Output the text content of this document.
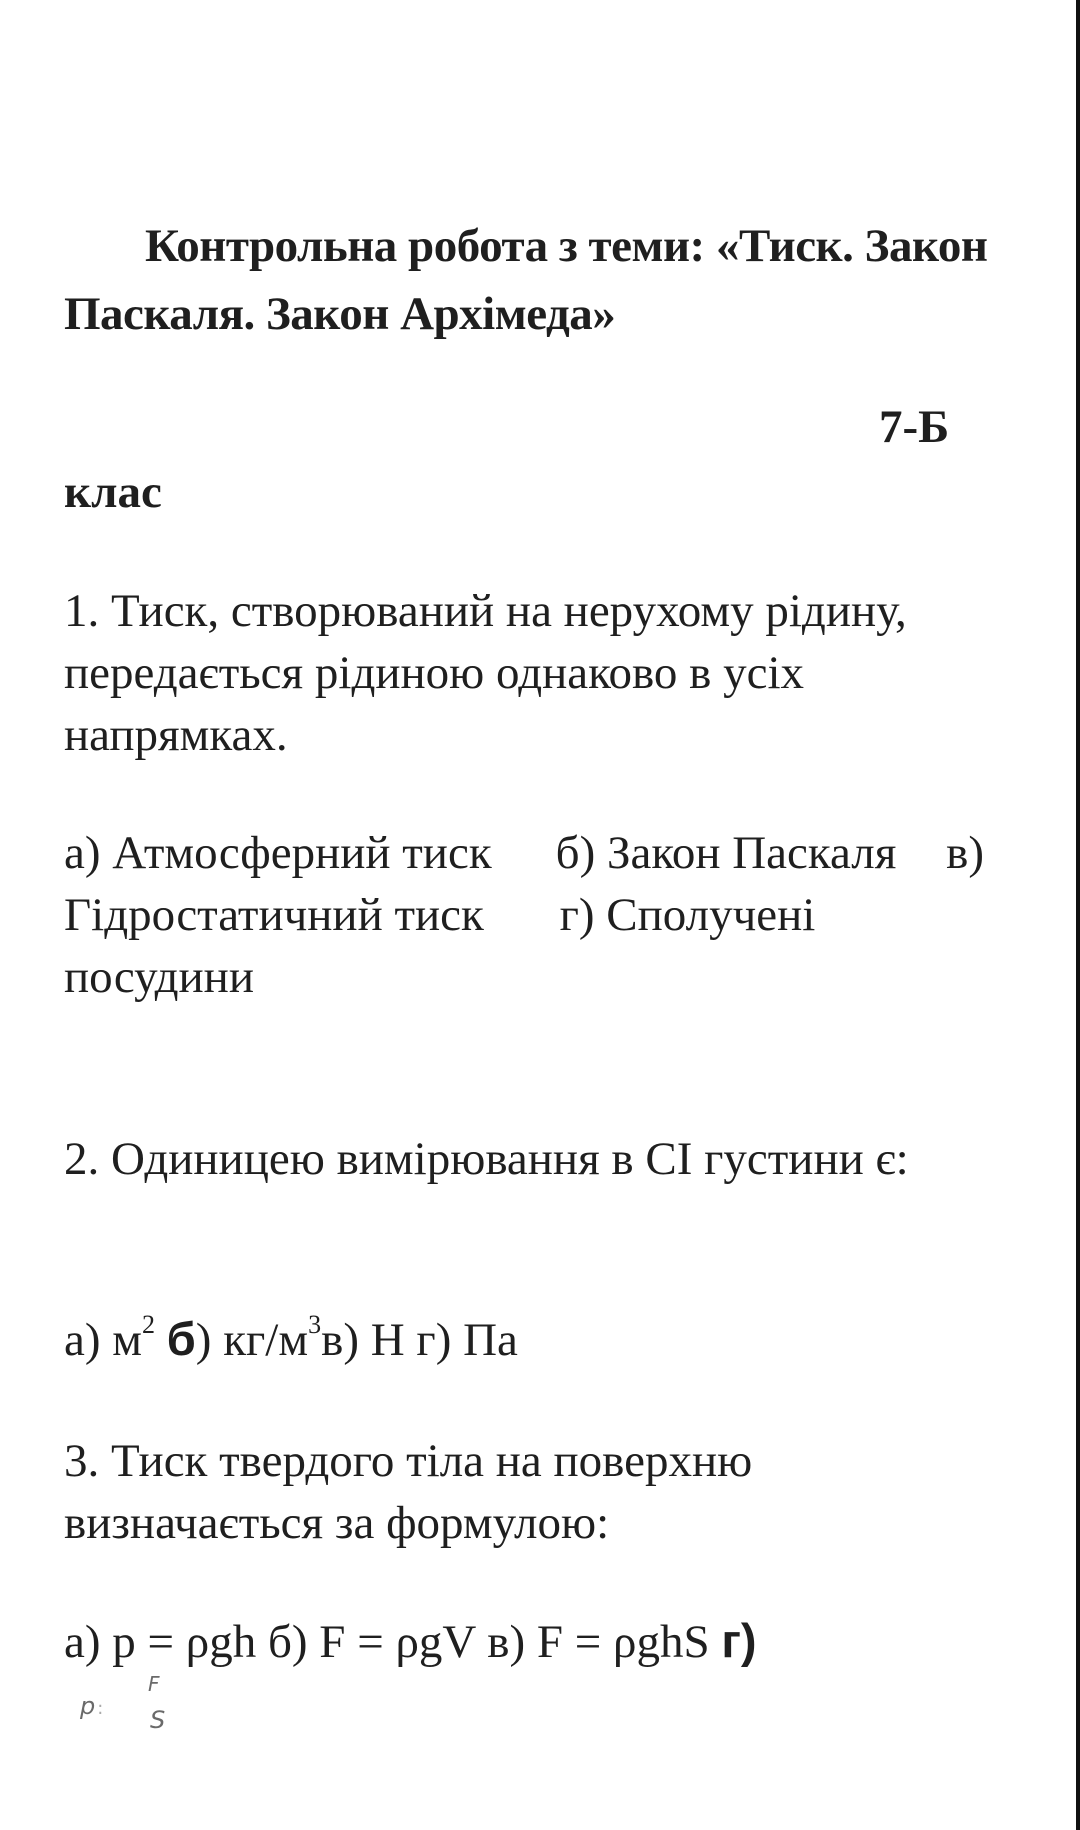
Контрольна робота з теми: «Тиск. Закон Паскаля. Закон Архімеда»
7-Б
клас
1. Тиск, створюваний на нерухому рідину, передається рідиною однаково в усіх напрямках.
а) Атмосферний тиск б) Закон Паскаля в) Гідростатичний тиск г) Сполучені посудини
2. Одиницею вимірювання в СІ густини є:
а) $м^2$ б) $кг/м^3в$) Н г) Па
3. Тиск твердого тіла на поверхню визначається за формулою:
а) p = ρgh б) F = ρgV в) F = ρghS г)
p :
F
S
